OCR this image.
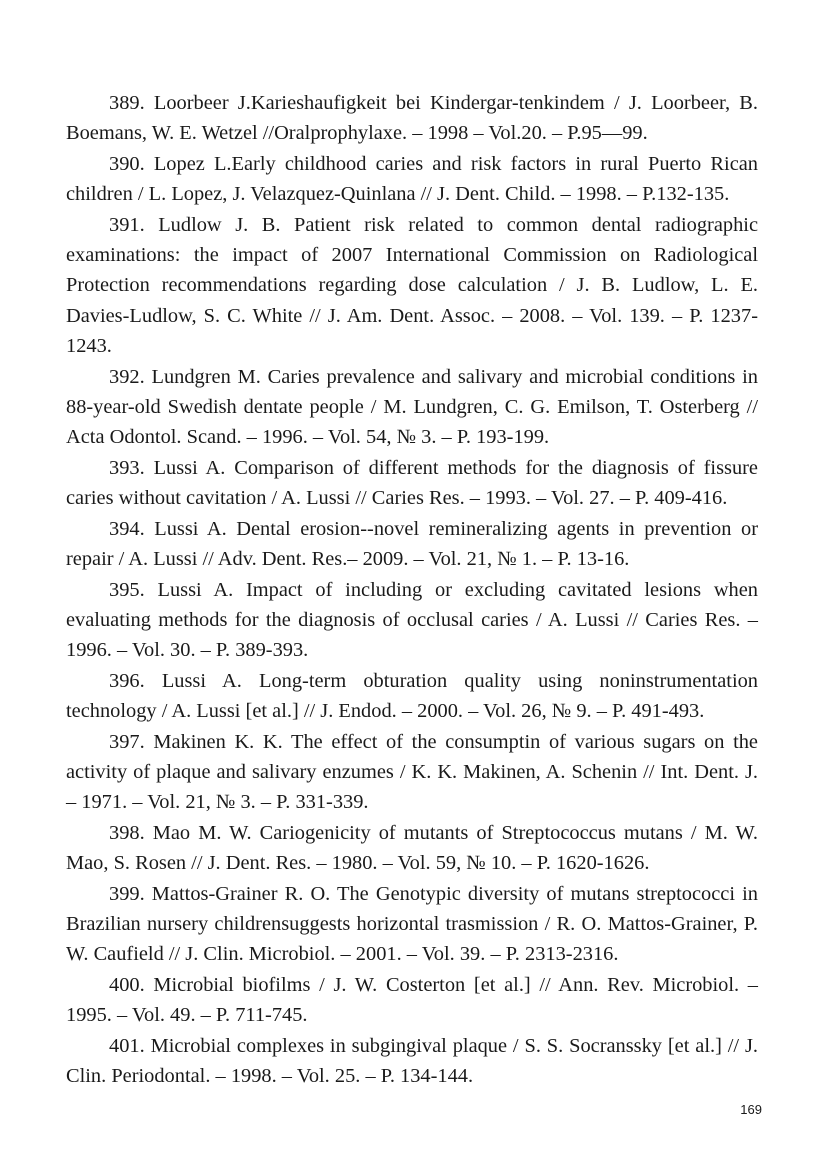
389. Loorbeer J.Karieshaufigkeit bei Kindergar-tenkindem / J. Loorbeer, B. Boemans, W. E. Wetzel //Oralprophylaxe. – 1998 – Vol.20. – P.95—99.
390. Lopez L.Early childhood caries and risk factors in rural Puerto Rican children / L. Lopez, J. Velazquez-Quinlana // J. Dent. Child. – 1998. – P.132-135.
391. Ludlow J. B. Patient risk related to common dental radiographic examinations: the impact of 2007 International Commission on Radiological Protection recommendations regarding dose calculation / J. B. Ludlow, L. E. Davies-Ludlow, S. C. White // J. Am. Dent. Assoc. – 2008. – Vol. 139. – P. 1237-1243.
392. Lundgren M. Caries prevalence and salivary and microbial conditions in 88-year-old Swedish dentate people / M. Lundgren, C. G. Emilson, T. Osterberg // Acta Odontol. Scand. – 1996. – Vol. 54, № 3. – P. 193-199.
393. Lussi A. Comparison of different methods for the diagnosis of fissure caries without cavitation / A. Lussi // Caries Res. – 1993. – Vol. 27. – P. 409-416.
394. Lussi A. Dental erosion--novel remineralizing agents in prevention or repair / A. Lussi // Adv. Dent. Res.– 2009. – Vol. 21, № 1. – P. 13-16.
395. Lussi A. Impact of including or excluding cavitated lesions when evaluating methods for the diagnosis of occlusal caries / A. Lussi // Caries Res. – 1996. – Vol. 30. – P. 389-393.
396. Lussi A. Long-term obturation quality using noninstrumentation technology / A. Lussi [et al.] // J. Endod. – 2000. – Vol. 26, № 9. – P. 491-493.
397. Makinen K. K. The effect of the consumptin of various sugars on the activity of plaque and salivary enzumes / K. K. Makinen, A. Schenin // Int. Dent. J. – 1971. – Vol. 21, № 3. – P. 331-339.
398. Mao M. W. Cariogenicity of mutants of Streptococcus mutans / M. W. Mao, S. Rosen // J. Dent. Res. – 1980. – Vol. 59, № 10. – P. 1620-1626.
399. Mattos-Grainer R. O. The Genotypic diversity of mutans streptococci in Brazilian nursery childrensuggests horizontal trasmission / R. O. Mattos-Grainer, P. W. Caufield // J. Clin. Microbiol. – 2001. – Vol. 39. – P. 2313-2316.
400. Microbial biofilms / J. W. Costerton [et al.] // Ann. Rev. Microbiol. – 1995. – Vol. 49. – P. 711-745.
401. Microbial complexes in subgingival plaque / S. S. Socranssky [et al.] // J. Clin. Periodontal. – 1998. – Vol. 25. – P. 134-144.
169
